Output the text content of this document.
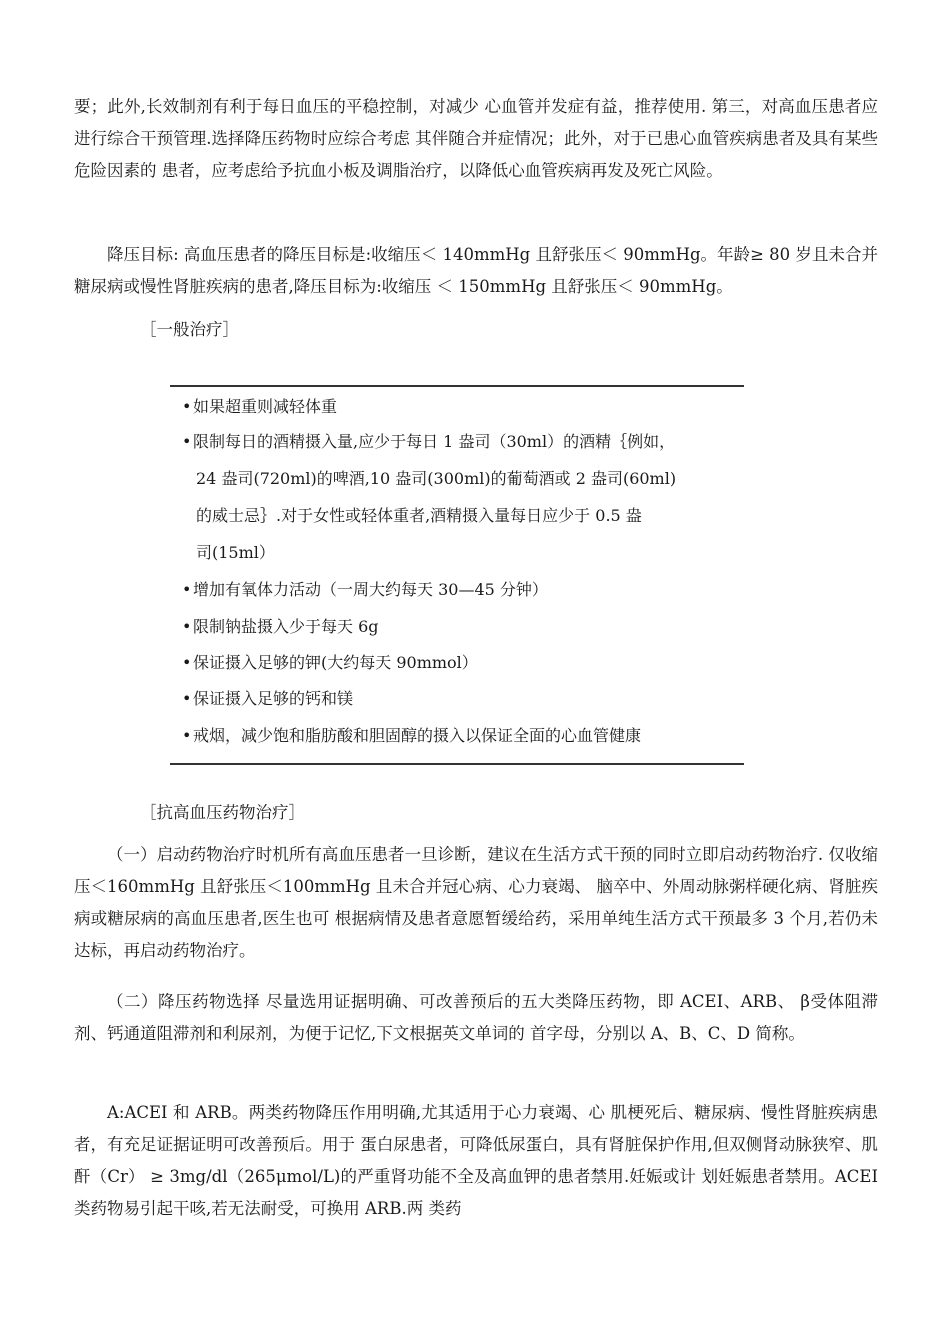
要；此外,长效制剂有利于每日血压的平稳控制，对减少 心血管并发症有益，推荐使用. 第三，对高血压患者应进行综合干预管理.选择降压药物时应综合考虑 其伴随合并症情况；此外，对于已患心血管疾病患者及具有某些危险因素的 患者，应考虑给予抗血小板及调脂治疗，以降低心血管疾病再发及死亡风险。

降压目标: 高血压患者的降压目标是:收缩压＜ 140mmHg 且舒张压＜ 90mmHg。年龄≥ 80 岁且未合并糖尿病或慢性肾脏疾病的患者,降压目标为:收缩压 ＜ 150mmHg 且舒张压＜ 90mmHg。

［一般治疗］

•如果超重则减轻体重

•限制每日的酒精摄入量,应少于每日 1 盎司（30ml）的酒精｛例如，
24 盎司(720ml)的啤酒,10 盎司(300ml)的葡萄酒或 2 盎司(60ml)
的威士忌｝.对于女性或轻体重者,酒精摄入量每日应少于 0.5 盎
司(15ml）

•增加有氧体力活动（一周大约每天 30—45 分钟）

•限制钠盐摄入少于每天 6g

•保证摄入足够的钾(大约每天 90mmol）

•保证摄入足够的钙和镁

•戒烟，减少饱和脂肪酸和胆固醇的摄入以保证全面的心血管健康

［抗高血压药物治疗］

（一）启动药物治疗时机所有高血压患者一旦诊断，建议在生活方式干预的同时立即启动药物治疗. 仅收缩压＜160mmHg 且舒张压＜100mmHg 且未合并冠心病、心力衰竭、 脑卒中、外周动脉粥样硬化病、肾脏疾病或糖尿病的高血压患者,医生也可 根据病情及患者意愿暂缓给药，采用单纯生活方式干预最多 3 个月,若仍未达标，再启动药物治疗。

（二）降压药物选择 尽量选用证据明确、可改善预后的五大类降压药物，即 ACEI、ARB、 β受体阻滞剂、钙通道阻滞剂和利尿剂，为便于记忆,下文根据英文单词的 首字母，分别以 A、B、C、D 简称。

A:ACEI 和 ARB。两类药物降压作用明确,尤其适用于心力衰竭、心 肌梗死后、糖尿病、慢性肾脏疾病患者，有充足证据证明可改善预后。用于 蛋白尿患者，可降低尿蛋白，具有肾脏保护作用,但双侧肾动脉狭窄、肌酐（Cr） ≥ 3mg/dl（265μmol/L)的严重肾功能不全及高血钾的患者禁用.妊娠或计 划妊娠患者禁用。ACEI 类药物易引起干咳,若无法耐受，可换用 ARB.两 类药
